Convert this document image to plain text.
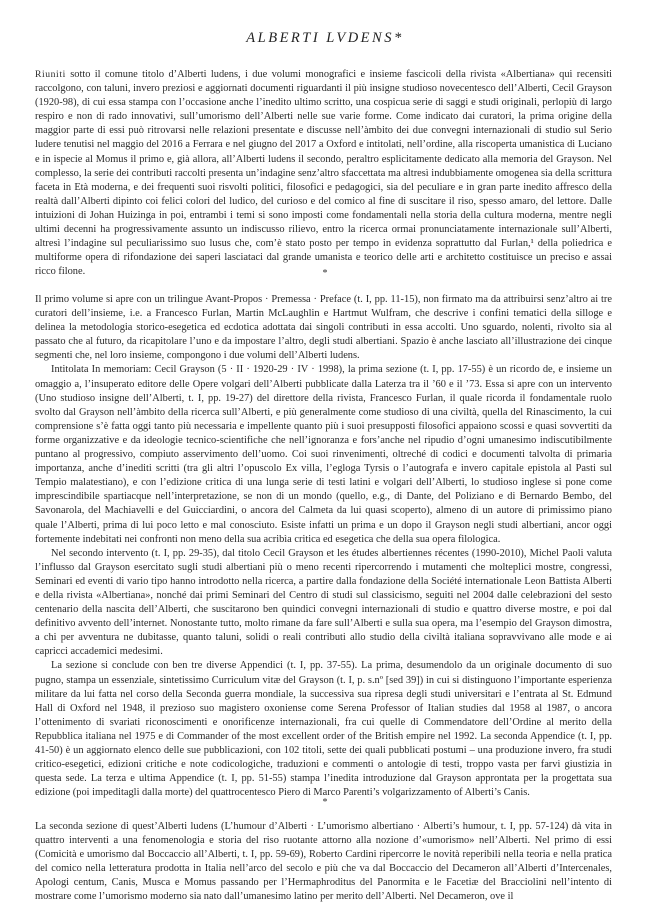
ALBERTI LVDENS*

Riuniti sotto il comune titolo d’Alberti ludens, i due volumi monografici e insieme fascicoli della rivista «Albertiana» qui recensiti raccolgono, con taluni, invero preziosi e aggiornati documenti riguardanti il più insigne studioso novecentesco dell’Alberti, Cecil Grayson (1920-98), di cui essa stampa con l’occasione anche l’inedito ultimo scritto, una cospicua serie di saggi e studi originali, perlopiù di largo respiro e non di rado innovativi, sull’umorismo dell’Alberti nelle sue varie forme. Come indicato dai curatori, la prima origine della maggior parte di essi può ritrovarsi nelle relazioni presentate e discusse nell’àmbito dei due convegni internazionali di studio sul Serio ludere tenutisi nel maggio del 2016 a Ferrara e nel giugno del 2017 a Oxford e intitolati, nell’ordine, alla riscoperta umanistica di Luciano e in ispecie al Momus il primo e, già allora, all’Alberti ludens il secondo, peraltro esplicitamente dedicato alla memoria del Grayson. Nel complesso, la serie dei contributi raccolti presenta un’indagine senz’altro sfaccettata ma altresì indubbiamente omogenea sia della scrittura faceta in Età moderna, e dei frequenti suoi risvolti politici, filosofici e pedagogici, sia del peculiare e in gran parte inedito affresco della realtà dall’Alberti dipinto coi felici colori del ludico, del curioso e del comico al fine di suscitare il riso, spesso amaro, del lettore. Dalle intuizioni di Johan Huizinga in poi, entrambi i temi si sono imposti come fondamentali nella storia della cultura moderna, mentre negli ultimi decenni ha progressivamente assunto un indiscusso rilievo, entro la ricerca ormai pronunciatamente internazionale sull’Alberti, altresì l’indagine sul peculiarissimo suo lusus che, com’è stato posto per tempo in evidenza soprattutto dal Furlan,¹ della poliedrica e multiforme opera di rifondazione dei saperi lasciataci dal grande umanista e teorico delle arti e architetto costituisce un preciso e assai ricco filone.	*

Il primo volume si apre con un trilingue Avant-Propos · Premessa · Preface (t. I, pp. 11-15), non firmato ma da attribuirsi senz’altro ai tre curatori dell’insieme, i.e. a Francesco Furlan, Martin McLaughlin e Hartmut Wulfram, che descrive i confini tematici della silloge e delinea la metodologia storico-esegetica ed ecdotica adottata dai singoli contributi in essa accolti. Uno sguardo, nolenti, rivolto sia al passato che al futuro, da ricapitolare l’uno e da impostare l’altro, degli studi albertiani. Spazio è anche lasciato all’illustrazione dei cinque segmenti che, nel loro insieme, compongono i due volumi dell’Alberti ludens.

Intitolata In memoriam: Cecil Grayson (5 · II · 1920-29 · IV · 1998), la prima sezione (t. I, pp. 17-55) è un ricordo de, e insieme un omaggio a, l’insuperato editore delle Opere volgari dell’Alberti pubblicate dalla Laterza tra il ’60 e il ’73. Essa si apre con un intervento (Uno studioso insigne dell’Alberti, t. I, pp. 19-27) del direttore della rivista, Francesco Furlan, il quale ricorda il fondamentale ruolo svolto dal Grayson nell’àmbito della ricerca sull’Alberti, e più generalmente come studioso di una civiltà, quella del Rinascimento, la cui comprensione s’è fatta oggi tanto più necessaria e impellente quanto più i suoi presupposti filosofici appaiono scossi e quasi sovvertiti da forme organizzative e da ideologie tecnico-scientifiche che nell’ignoranza e fors’anche nel ripudio d’ogni umanesimo indiscutibilmente puntano al progressivo, compiuto asservimento dell’uomo. Coi suoi rinvenimenti, oltreché di codici e documenti talvolta di primaria importanza, anche d’inediti scritti (tra gli altri l’opuscolo Ex villa, l’egloga Tyrsis o l’autografa e invero capitale epistola al Pasti sul Tempio malatestiano), e con l’edizione critica di una lunga serie di testi latini e volgari dell’Alberti, lo studioso inglese si pone come imprescindibile spartiacque nell’interpretazione, se non di un mondo (quello, e.g., di Dante, del Poliziano e di Bernardo Bembo, del Savonarola, del Machiavelli e del Guicciardini, o ancora del Calmeta da lui quasi scoperto), almeno di un autore di primissimo piano quale l’Alberti, prima di lui poco letto e mal conosciuto. Esiste infatti un prima e un dopo il Grayson negli studi albertiani, ancor oggi fortemente indebitati nei confronti non meno della sua acribìa critica ed esegetica che della sua opera filologica.

Nel secondo intervento (t. I, pp. 29-35), dal titolo Cecil Grayson et les études albertiennes récentes (1990-2010), Michel Paoli valuta l’influsso dal Grayson esercitato sugli studi albertiani più o meno recenti ripercorrendo i mutamenti che molteplici mostre, congressi, Seminari ed eventi di vario tipo hanno introdotto nella ricerca, a partire dalla fondazione della Société internationale Leon Battista Alberti e della rivista «Albertiana», nonché dai primi Seminari del Centro di studi sul classicismo, seguiti nel 2004 dalle celebrazioni del sesto centenario della nascita dell’Alberti, che suscitarono ben quindici convegni internazionali di studio e quattro diverse mostre, e poi dal definitivo avvento dell’internet. Nonostante tutto, molto rimane da fare sull’Alberti e sulla sua opera, ma l’esempio del Grayson dimostra, a chi per avventura ne dubitasse, quanto taluni, solidi o reali contributi allo studio della civiltà italiana sopravvivano alle mode e ai capricci accademici medesimi.

La sezione si conclude con ben tre diverse Appendici (t. I, pp. 37-55). La prima, desumendolo da un originale documento di suo pugno, stampa un essenziale, sintetissimo Curriculum vitæ del Grayson (t. I, p. s.nº [sed 39]) in cui si distinguono l’importante esperienza militare da lui fatta nel corso della Seconda guerra mondiale, la successiva sua ripresa degli studi universitari e l’entrata al St. Edmund Hall di Oxford nel 1948, il prezioso suo magistero oxoniense come Serena Professor of Italian studies dal 1958 al 1987, o ancora l’ottenimento di svariati riconoscimenti e onorificenze internazionali, fra cui quelle di Commendatore dell’Ordine al merito della Repubblica italiana nel 1975 e di Commander of the most excellent order of the British empire nel 1992. La seconda Appendice (t. I, pp. 41-50) è un aggiornato elenco delle sue pubblicazioni, con 102 titoli, sette dei quali pubblicati postumi – una produzione invero, fra studi critico-esegetici, edizioni critiche e note codicologiche, traduzioni e commenti o antologie di testi, troppo vasta per farvi giustizia in questa sede. La terza e ultima Appendice (t. I, pp. 51-55) stampa l’inedita introduzione dal Grayson approntata per la progettata sua edizione (poi impeditagli dalla morte) del quattrocentesco Piero di Marco Parenti’s volgarizzamento of Alberti’s Canis.

*

La seconda sezione di quest’Alberti ludens (L’humour d’Alberti · L’umorismo albertiano · Alberti’s humour, t. I, pp. 57-124) dà vita in quattro interventi a una fenomenologia e storia del riso ruotante attorno alla nozione d’«umorismo» nell’Alberti. Nel primo di essi (Comicità e umorismo dal Boccaccio all’Alberti, t. I, pp. 59-69), Roberto Cardini ripercorre le novità reperibili nella teoria e nella pratica del comico nella letteratura prodotta in Italia nell’arco del secolo e più che va dal Boccaccio del Decameron all’Alberti d’Intercenales, Apologi centum, Canis, Musca e Momus passando per l’Hermaphroditus del Panormita e le Facetiæ del Bracciolini nell’intento di mostrare come l’umorismo moderno sia nato dall’umanesimo latino per merito dell’Alberti. Nel Decameron, ove il
